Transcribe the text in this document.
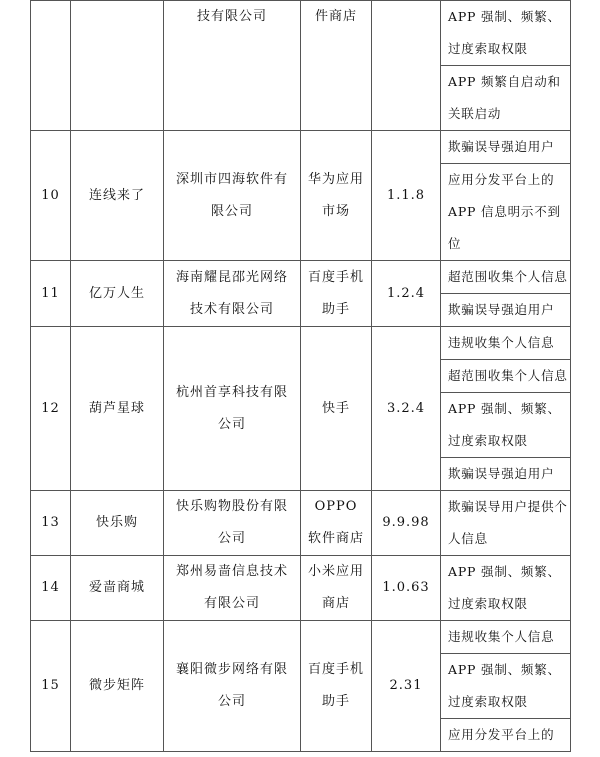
		技有限公司	件商店		APP 强制、频繁、过度索取权限
					APP 频繁自启动和关联启动
10	连线来了	深圳市四海软件有限公司	华为应用市场	1.1.8	欺骗误导强迫用户
					应用分发平台上的 APP 信息明示不到位
11	亿万人生	海南耀昆邵光网络技术有限公司	百度手机助手	1.2.4	超范围收集个人信息
					欺骗误导强迫用户
12	葫芦星球	杭州首享科技有限公司	快手	3.2.4	违规收集个人信息
					超范围收集个人信息
					APP 强制、频繁、过度索取权限
					欺骗误导强迫用户
13	快乐购	快乐购物股份有限公司	OPPO 软件商店	9.9.98	欺骗误导用户提供个人信息
14	爱啬商城	郑州易啬信息技术有限公司	小米应用商店	1.0.63	APP 强制、频繁、过度索取权限
15	微步矩阵	襄阳微步网络有限公司	百度手机助手	2.31	违规收集个人信息
					APP 强制、频繁、过度索取权限
					应用分发平台上的
